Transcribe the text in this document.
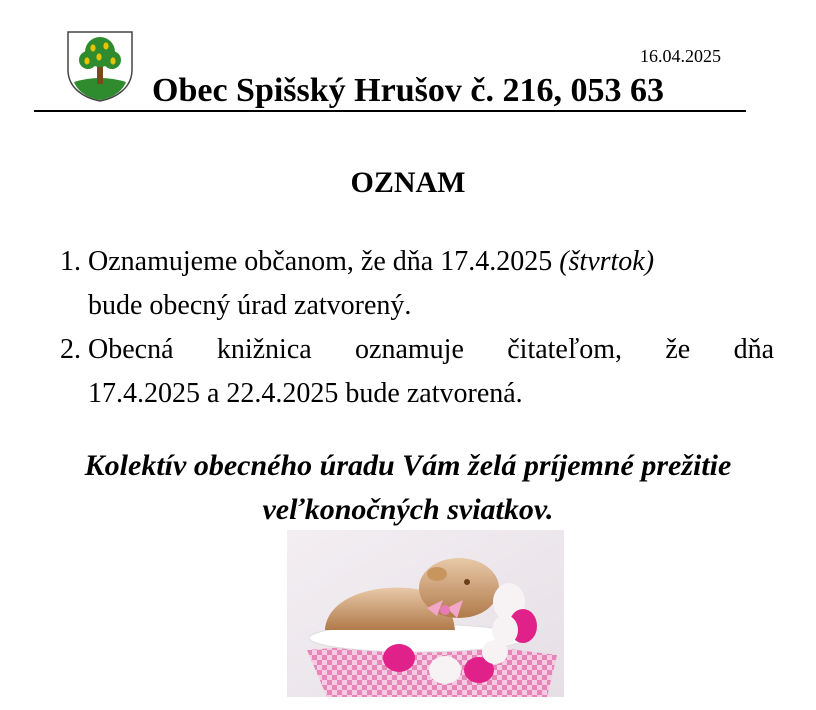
16.04.2025
Obec Spišský Hrušov č. 216, 053 63
OZNAM
1. Oznamujeme občanom, že dňa 17.4.2025 (štvrtok)
bude obecný úrad zatvorený.
2. Obecná knižnica oznamuje čitateľom, že dňa
17.4.2025 a 22.4.2025 bude zatvorená.
Kolektív obecného úradu Vám želá príjemné prežitie
veľkonočných sviatkov.
